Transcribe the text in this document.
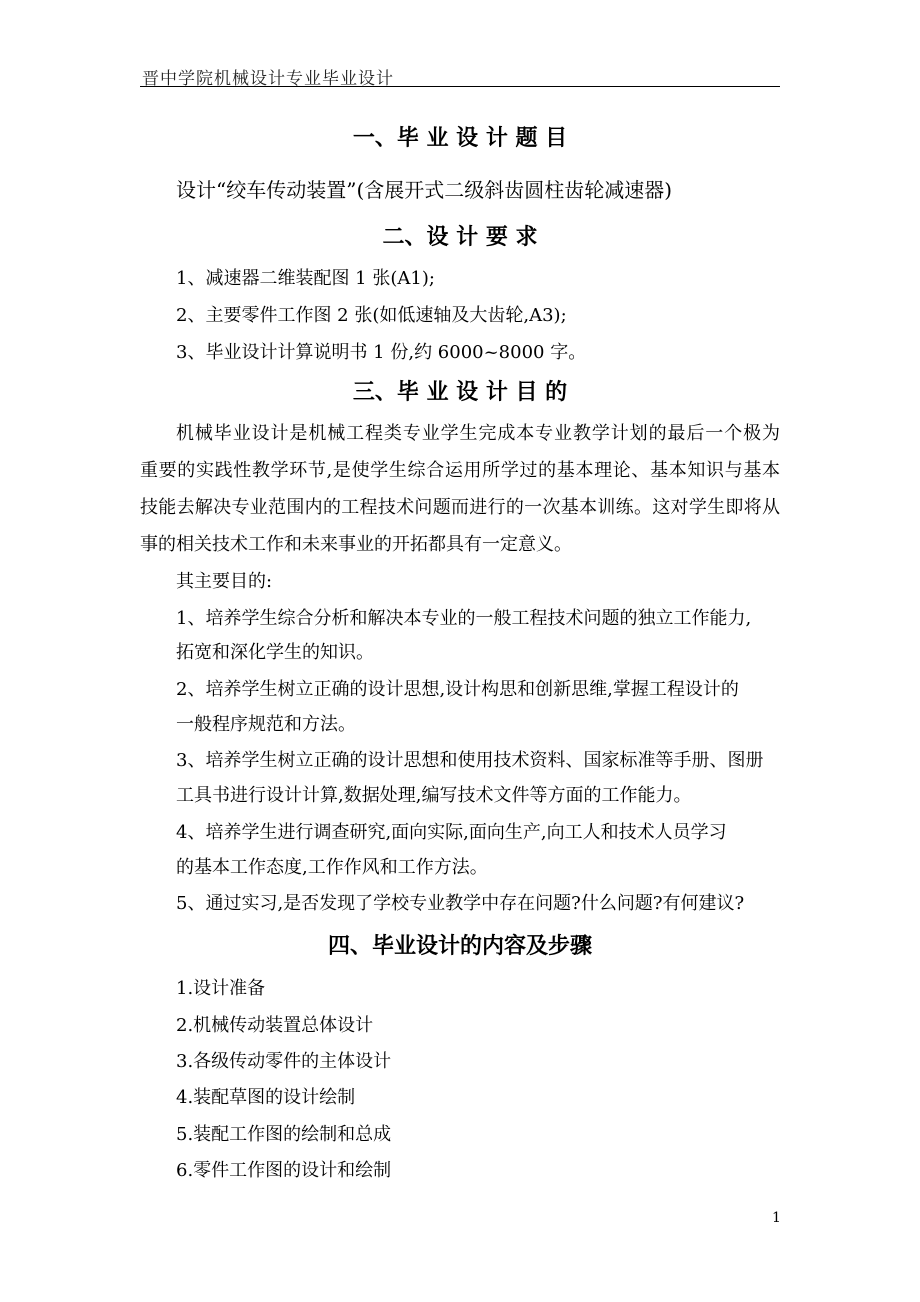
晋中学院机械设计专业毕业设计
一、毕 业 设 计 题 目
设计“绞车传动装置”(含展开式二级斜齿圆柱齿轮减速器)
二、设 计 要 求
1、减速器二维装配图 1 张(A1);
2、主要零件工作图 2 张(如低速轴及大齿轮,A3);
3、毕业设计计算说明书 1 份,约 6000~8000 字。
三、毕 业 设 计 目 的
机械毕业设计是机械工程类专业学生完成本专业教学计划的最后一个极为
重要的实践性教学环节,是使学生综合运用所学过的基本理论、基本知识与基本
技能去解决专业范围内的工程技术问题而进行的一次基本训练。这对学生即将从
事的相关技术工作和未来事业的开拓都具有一定意义。
其主要目的:
1、培养学生综合分析和解决本专业的一般工程技术问题的独立工作能力,
拓宽和深化学生的知识。
2、培养学生树立正确的设计思想,设计构思和创新思维,掌握工程设计的
一般程序规范和方法。
3、培养学生树立正确的设计思想和使用技术资料、国家标准等手册、图册
工具书进行设计计算,数据处理,编写技术文件等方面的工作能力。
4、培养学生进行调查研究,面向实际,面向生产,向工人和技术人员学习
的基本工作态度,工作作风和工作方法。
5、通过实习,是否发现了学校专业教学中存在问题?什么问题?有何建议?
四、毕业设计的内容及步骤
1.设计准备
2.机械传动装置总体设计
3.各级传动零件的主体设计
4.装配草图的设计绘制
5.装配工作图的绘制和总成
6.零件工作图的设计和绘制
1
